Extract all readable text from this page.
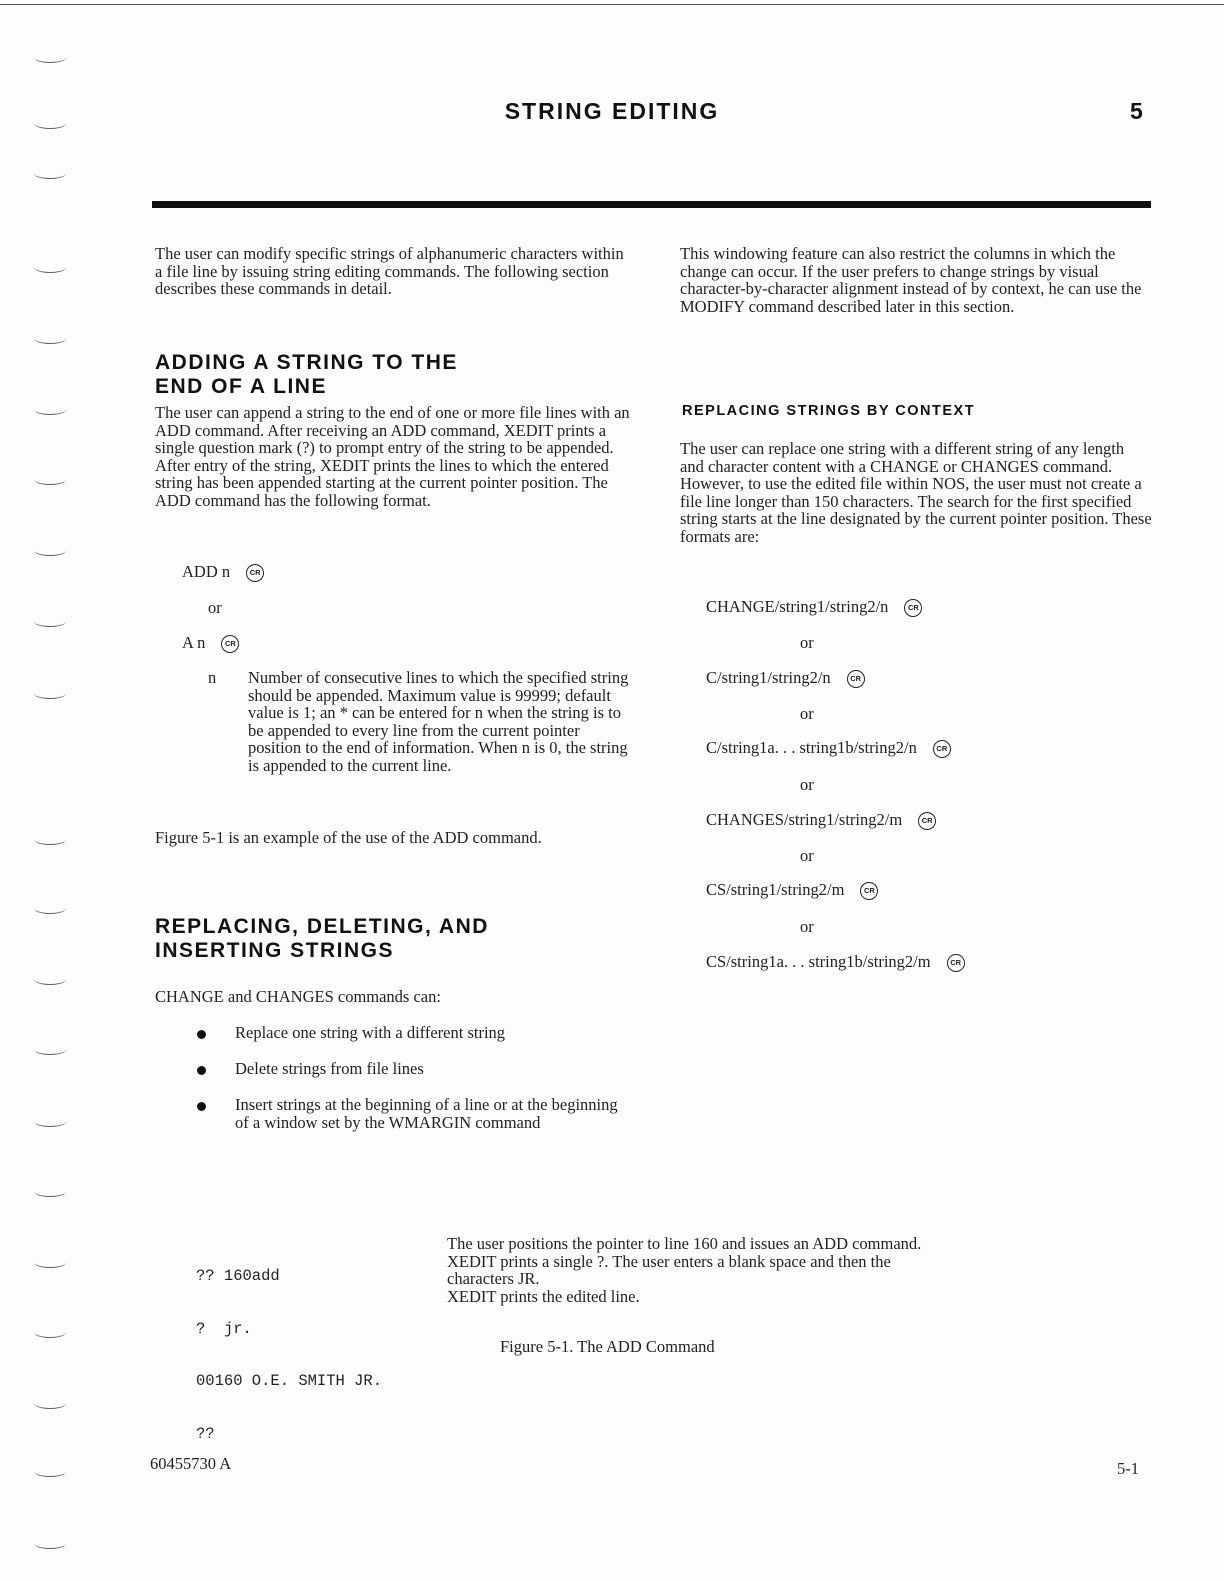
STRING EDITING	5
The user can modify specific strings of alphanumeric characters within a file line by issuing string editing commands. The following section describes these commands in detail.
ADDING A STRING TO THE
END OF A LINE
The user can append a string to the end of one or more file lines with an ADD command. After receiving an ADD command, XEDIT prints a single question mark (?) to prompt entry of the string to be appended. After entry of the string, XEDIT prints the lines to which the entered string has been appended starting at the current pointer position. The ADD command has the following format.
ADD n	CR
or
A n	CR
n Number of consecutive lines to which the specified string should be appended. Maximum value is 99999; default value is 1; an * can be entered for n when the string is to be appended to every line from the current pointer position to the end of information. When n is 0, the string is appended to the current line.
Figure 5-1 is an example of the use of the ADD command.
REPLACING, DELETING, AND
INSERTING STRINGS
CHANGE and CHANGES commands can:
Replace one string with a different string
Delete strings from file lines
Insert strings at the beginning of a line or at the beginning of a window set by the WMARGIN command
This windowing feature can also restrict the columns in which the change can occur. If the user prefers to change strings by visual character-by-character alignment instead of by context, he can use the MODIFY command described later in this section.
REPLACING STRINGS BY CONTEXT
The user can replace one string with a different string of any length and character content with a CHANGE or CHANGES command. However, to use the edited file within NOS, the user must not create a file line longer than 150 characters. The search for the first specified string starts at the line designated by the current pointer position. These formats are:
CHANGE/string1/string2/n	CR
or
C/string1/string2/n	CR
or
C/string1a. . . string1b/string2/n	CR
or
CHANGES/string1/string2/m	CR
or
CS/string1/string2/m	CR
or
CS/string1a. . . string1b/string2/m	CR

?? 160add

?  jr.

00160 O.E. SMITH JR.

??

The user positions the pointer to line 160 and issues an ADD command.
XEDIT prints a single ?. The user enters a blank space and then the
characters JR.
XEDIT prints the edited line.
Figure 5-1. The ADD Command
60455730 A	5-1
